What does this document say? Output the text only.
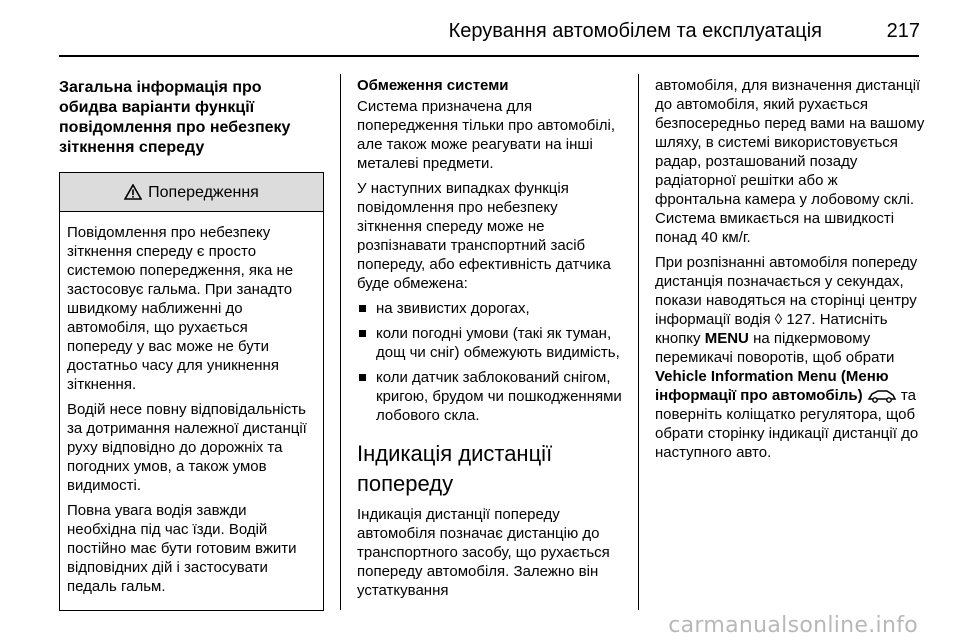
Керування автомобілем та експлуатація	217
Загальна інформація про обидва варіанти функції повідомлення про небезпеку зіткнення спереду
Попередження

Повідомлення про небезпеку зіткнення спереду є просто системою попередження, яка не застосовує гальма. При занадто швидкому наближенні до автомобіля, що рухається попереду у вас може не бути достатньо часу для уникнення зіткнення.

Водій несе повну відповідальність за дотримання належної дистанції руху відповідно до дорожніх та погодних умов, а також умов видимості.

Повна увага водія завжди необхідна під час їзди. Водій постійно має бути готовим вжити відповідних дій і застосувати педаль гальм.

Обмеження системи

Система призначена для попередження тільки про автомобілі, але також може реагувати на інші металеві предмети.

У наступних випадках функція повідомлення про небезпеку зіткнення спереду може не розпізнавати транспортний засіб попереду, або ефективність датчика буде обмежена:

на звивистих дорогах,
коли погодні умови (такі як туман, дощ чи сніг) обмежують видимість,
коли датчик заблокований снігом, кригою, брудом чи пошкодженнями лобового скла.
Індикація дистанції попереду

Індикація дистанції попереду автомобіля позначає дистанцію до транспортного засобу, що рухається попереду автомобіля. Залежно він устаткування

автомобіля, для визначення дистанції до автомобіля, який рухається безпосередньо перед вами на вашому шляху, в системі використовується радар, розташований позаду радіаторної решітки або ж фронтальна камера у лобовому склі. Система вмикається на швидкості понад 40 км/г.

При розпізнанні автомобіля попереду дистанція позначається у секундах, покази наводяться на сторінці центру інформації водія ◊ 127. Натисніть кнопку MENU на підкермовому перемикачі поворотів, щоб обрати Vehicle Information Menu (Меню інформації про автомобіль)	та поверніть коліщатко регулятора, щоб обрати сторінку індикації дистанції до наступного авто.

carmanualsonline.info
